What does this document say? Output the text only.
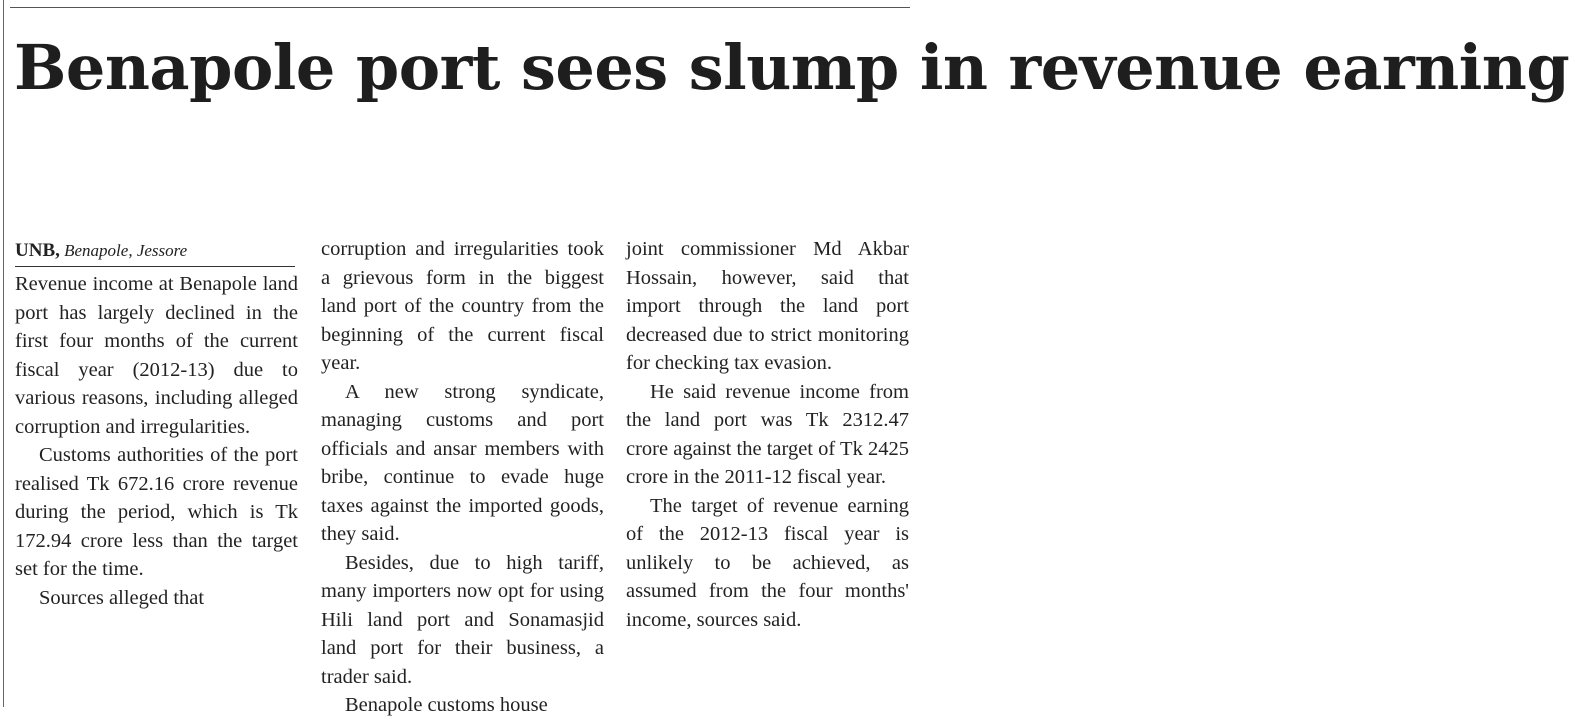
Benapole port sees slump in revenue earning
UNB, Benapole, Jessore

Revenue income at Benapole land port has largely declined in the first four months of the current fiscal year (2012-13) due to various reasons, including alleged corruption and irregularities.

Customs authorities of the port realised Tk 672.16 crore revenue during the period, which is Tk 172.94 crore less than the target set for the time.

Sources alleged that

corruption and irregularities took a grievous form in the biggest land port of the country from the beginning of the current fiscal year.

A new strong syndicate, managing customs and port officials and ansar members with bribe, continue to evade huge taxes against the imported goods, they said.

Besides, due to high tariff, many importers now opt for using Hili land port and Sonamasjid land port for their business, a trader said.

Benapole customs house

joint commissioner Md Akbar Hossain, however, said that import through the land port decreased due to strict monitoring for checking tax evasion.

He said revenue income from the land port was Tk 2312.47 crore against the target of Tk 2425 crore in the 2011-12 fiscal year.

The target of revenue earning of the 2012-13 fiscal year is unlikely to be achieved, as assumed from the four months' income, sources said.
